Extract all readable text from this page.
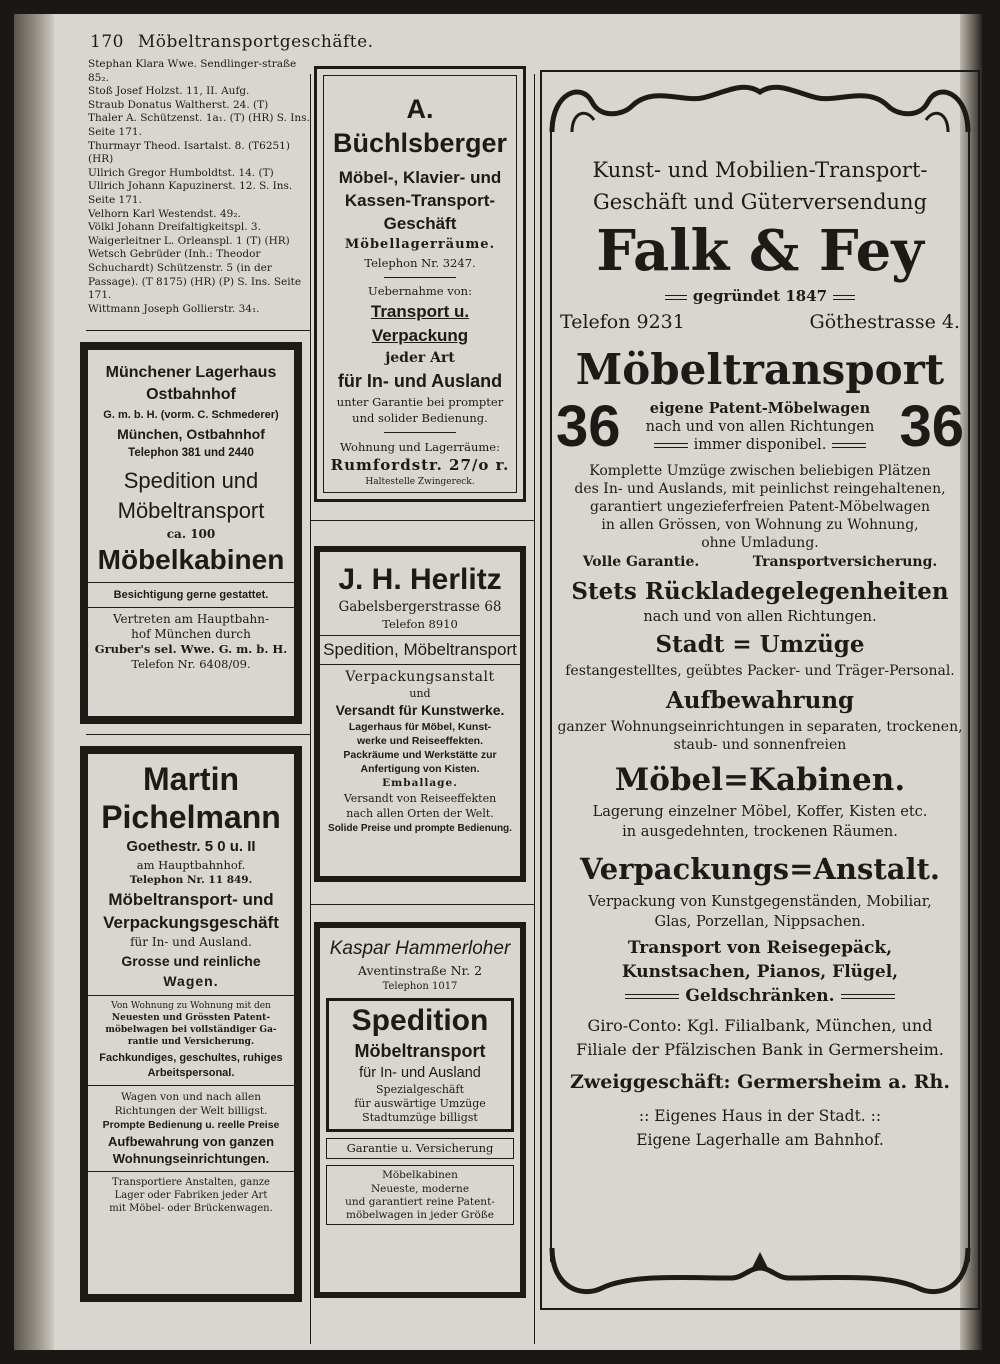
170 Möbeltransportgeschäfte.

Stephan Klara Wwe. Sendlinger-straße 85₂.

Stoß Josef Holzst. 11, II. Aufg.

Straub Donatus Waltherst. 24. (T)

Thaler A. Schützenst. 1a₁. (T) (HR) S. Ins. Seite 171.

Thurmayr Theod. Isartalst. 8. (T6251) (HR)

Ullrich Gregor Humboldtst. 14. (T)

Ullrich Johann Kapuzinerst. 12. S. Ins. Seite 171.

Velhorn Karl Westendst. 49₂.

Völkl Johann Dreifaltigkeitspl. 3.

Waigerleitner L. Orleanspl. 1 (T) (HR)

Wetsch Gebrüder (Inh.: Theodor Schuchardt) Schützenstr. 5 (in der Passage). (T 8175) (HR) (P) S. Ins. Seite 171.

Wittmann Joseph Gollierstr. 34₁.

A. Büchlsberger
Möbel-, Klavier- und
Kassen-Transport-
Geschäft
Möbellagerräume.
Telephon Nr. 3247.
Uebernahme von:
Transport u. Verpackung
jeder Art
für In- und Ausland
unter Garantie bei prompter
und solider Bedienung.
Wohnung und Lagerräume:
Rumfordstr. 27/o r.
Haltestelle Zwingereck.
Münchener Lagerhaus
Ostbahnhof
G. m. b. H. (vorm. C. Schmederer)
München, Ostbahnhof
Telephon 381 und 2440
Spedition und
Möbeltransport
ca. 100
Möbelkabinen
Besichtigung gerne gestattet.
Vertreten am Hauptbahn-
hof München durch
Gruber's sel. Wwe. G. m. b. H.
Telefon Nr. 6408/09.
J. H. Herlitz
Gabelsbergerstrasse 68
Telefon 8910
Spedition, Möbeltransport
Verpackungsanstalt
und
Versandt für Kunstwerke.
Lagerhaus für Möbel, Kunst-
werke und Reiseeffekten.
Packräume und Werkstätte zur
Anfertigung von Kisten.
Emballage.
Versandt von Reiseeffekten
nach allen Orten der Welt.
Solide Preise und prompte Bedienung.
Martin
Pichelmann
Goethestr. 5 0 u. II
am Hauptbahnhof.
Telephon Nr. 11 849.
Möbeltransport- und
Verpackungsgeschäft
für In- und Ausland.
Grosse und reinliche
Wagen.
Von Wohnung zu Wohnung mit den
Neuesten und Grössten Patent-
möbelwagen bei vollständiger Ga-
rantie und Versicherung.
Fachkundiges, geschultes, ruhiges
Arbeitspersonal.
Wagen von und nach allen
Richtungen der Welt billigst.
Prompte Bedienung u. reelle Preise
Aufbewahrung von ganzen
Wohnungseinrichtungen.
Transportiere Anstalten, ganze
Lager oder Fabriken jeder Art
mit Möbel- oder Brückenwagen.
Kaspar Hammerloher
Aventinstraße Nr. 2
Telephon 1017
Spedition
Möbeltransport
für In- und Ausland
Spezialgeschäft
für auswärtige Umzüge
Stadtumzüge billigst
Garantie u. Versicherung
Möbelkabinen
Neueste, moderne
und garantiert reine Patent-
möbelwagen in jeder Größe
Kunst- und Mobilien-Transport-
Geschäft und Güterversendung
Falk & Fey
gegründet 1847
Telefon 9231	Göthestrasse 4.
Möbeltransport
36 eigene Patent-Möbelwagen
nach und von allen Richtungen
immer disponibel.	36
Komplette Umzüge zwischen beliebigen Plätzen
des In- und Auslands, mit peinlichst reingehaltenen,
garantiert ungezieferfreien Patent-Möbelwagen
in allen Grössen, von Wohnung zu Wohnung,
ohne Umladung.
Volle Garantie.	Transportversicherung.
Stets Rückladegelegenheiten
nach und von allen Richtungen.
Stadt = Umzüge
festangestelltes, geübtes Packer- und Träger-Personal.
Aufbewahrung
ganzer Wohnungseinrichtungen in separaten, trockenen,
staub- und sonnenfreien
Möbel=Kabinen.
Lagerung einzelner Möbel, Koffer, Kisten etc.
in ausgedehnten, trockenen Räumen.
Verpackungs=Anstalt.
Verpackung von Kunstgegenständen, Mobiliar,
Glas, Porzellan, Nippsachen.
Transport von Reisegepäck,
Kunstsachen, Pianos, Flügel,
Geldschränken.
Giro-Conto: Kgl. Filialbank, München, und
Filiale der Pfälzischen Bank in Germersheim.
Zweiggeschäft: Germersheim a. Rh.
:: Eigenes Haus in der Stadt. ::
Eigene Lagerhalle am Bahnhof.
